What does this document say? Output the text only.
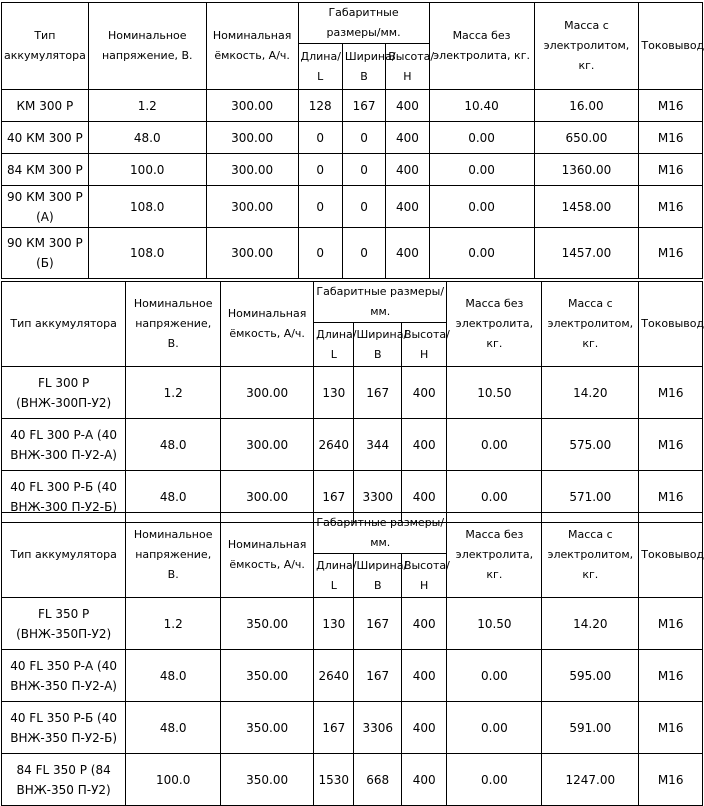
Тип аккумулятора	Номинальное напряжение, В.	Номинальная ёмкость, А/ч.	Габаритные размеры/мм.			Масса без электролита, кг.	Масса с электролитом, кг.	Токовывод
			Длина/ L	Ширина/ В	Высота/ Н			
КМ 300 Р	1.2	300.00	128	167	400	10.40	16.00	М16
40 КМ 300 Р	48.0	300.00	0	0	400	0.00	650.00	М16
84 КМ 300 Р	100.0	300.00	0	0	400	0.00	1360.00	М16
90 КМ 300 Р (А)	108.0	300.00	0	0	400	0.00	1458.00	М16
90 КМ 300 Р (Б)	108.0	300.00	0	0	400	0.00	1457.00	М16
Тип аккумулятора	Номинальное напряжение, В.	Номинальная ёмкость, А/ч.	Габаритные размеры/мм.			Масса без электролита, кг.	Масса с электролитом, кг.	Токовывод
			Длина/ L	Ширина/ В	Высота/ Н			
FL 300 Р (ВНЖ-300П-У2)	1.2	300.00	130	167	400	10.50	14.20	М16
40 FL 300 Р-А (40 ВНЖ-300 П-У2-А)	48.0	300.00	2640	344	400	0.00	575.00	М16
40 FL 300 Р-Б (40 ВНЖ-300 П-У2-Б)	48.0	300.00	167	3300	400	0.00	571.00	М16
Тип аккумулятора	Номинальное напряжение, В.	Номинальная ёмкость, А/ч.	Габаритные размеры/мм.			Масса без электролита, кг.	Масса с электролитом, кг.	Токовывод
			Длина/ L	Ширина/ В	Высота/ Н			
FL 350 Р (ВНЖ-350П-У2)	1.2	350.00	130	167	400	10.50	14.20	М16
40 FL 350 Р-А (40 ВНЖ-350 П-У2-А)	48.0	350.00	2640	167	400	0.00	595.00	М16
40 FL 350 Р-Б (40 ВНЖ-350 П-У2-Б)	48.0	350.00	167	3306	400	0.00	591.00	М16
84 FL 350 Р (84 ВНЖ-350 П-У2)	100.0	350.00	1530	668	400	0.00	1247.00	М16
